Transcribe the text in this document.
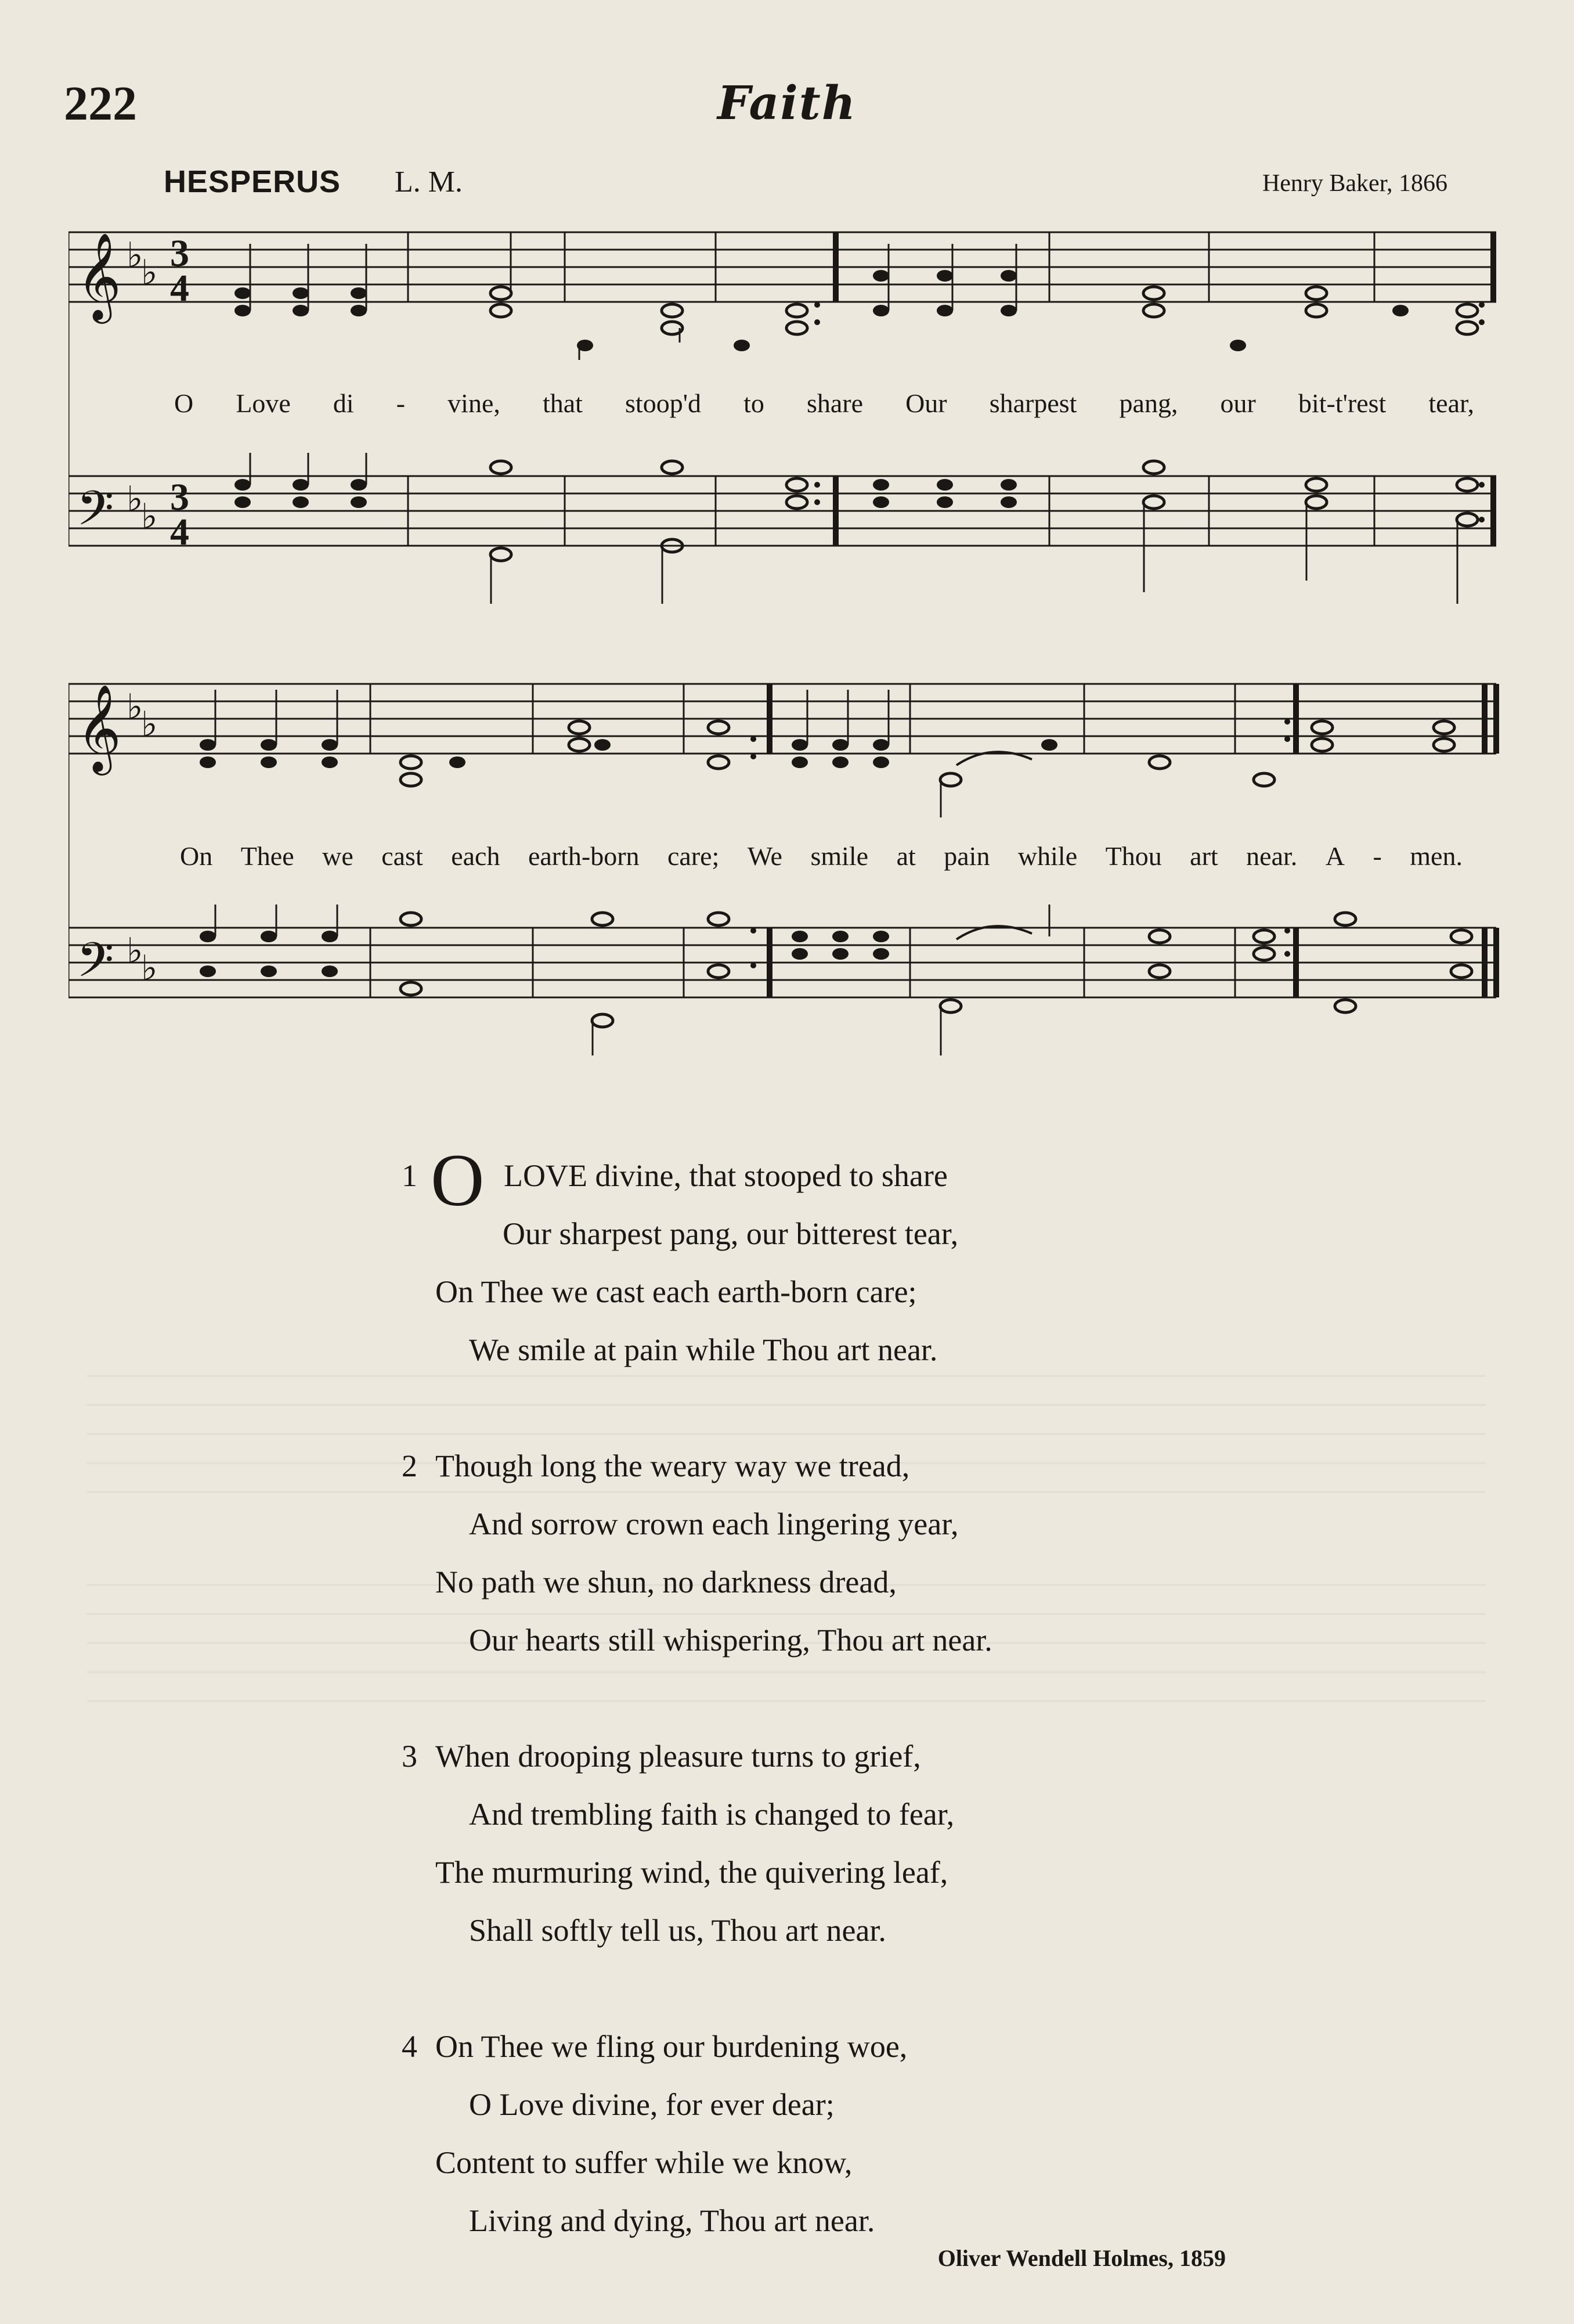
222	Faith
HESPERUS L. M.	Henry Baker, 1866
𝄞
𝄢
♭
♭
♭
♭
3
4
3
4
O Love di - vine, that stoop'd to share Our sharpest pang, our bit-t'rest tear,
𝄞
𝄢
♭
♭
♭
♭
On Thee we cast each earth-born care; We smile at pain while Thou art near. A - men.
1 O LOVE divine, that stooped to share
Our sharpest pang, our bitterest tear,
On Thee we cast each earth-born care;
We smile at pain while Thou art near.
2 Though long the weary way we tread,
And sorrow crown each lingering year,
No path we shun, no darkness dread,
Our hearts still whispering, Thou art near.
3 When drooping pleasure turns to grief,
And trembling faith is changed to fear,
The murmuring wind, the quivering leaf,
Shall softly tell us, Thou art near.
4 On Thee we fling our burdening woe,
O Love divine, for ever dear;
Content to suffer while we know,
Living and dying, Thou art near.
Oliver Wendell Holmes, 1859
